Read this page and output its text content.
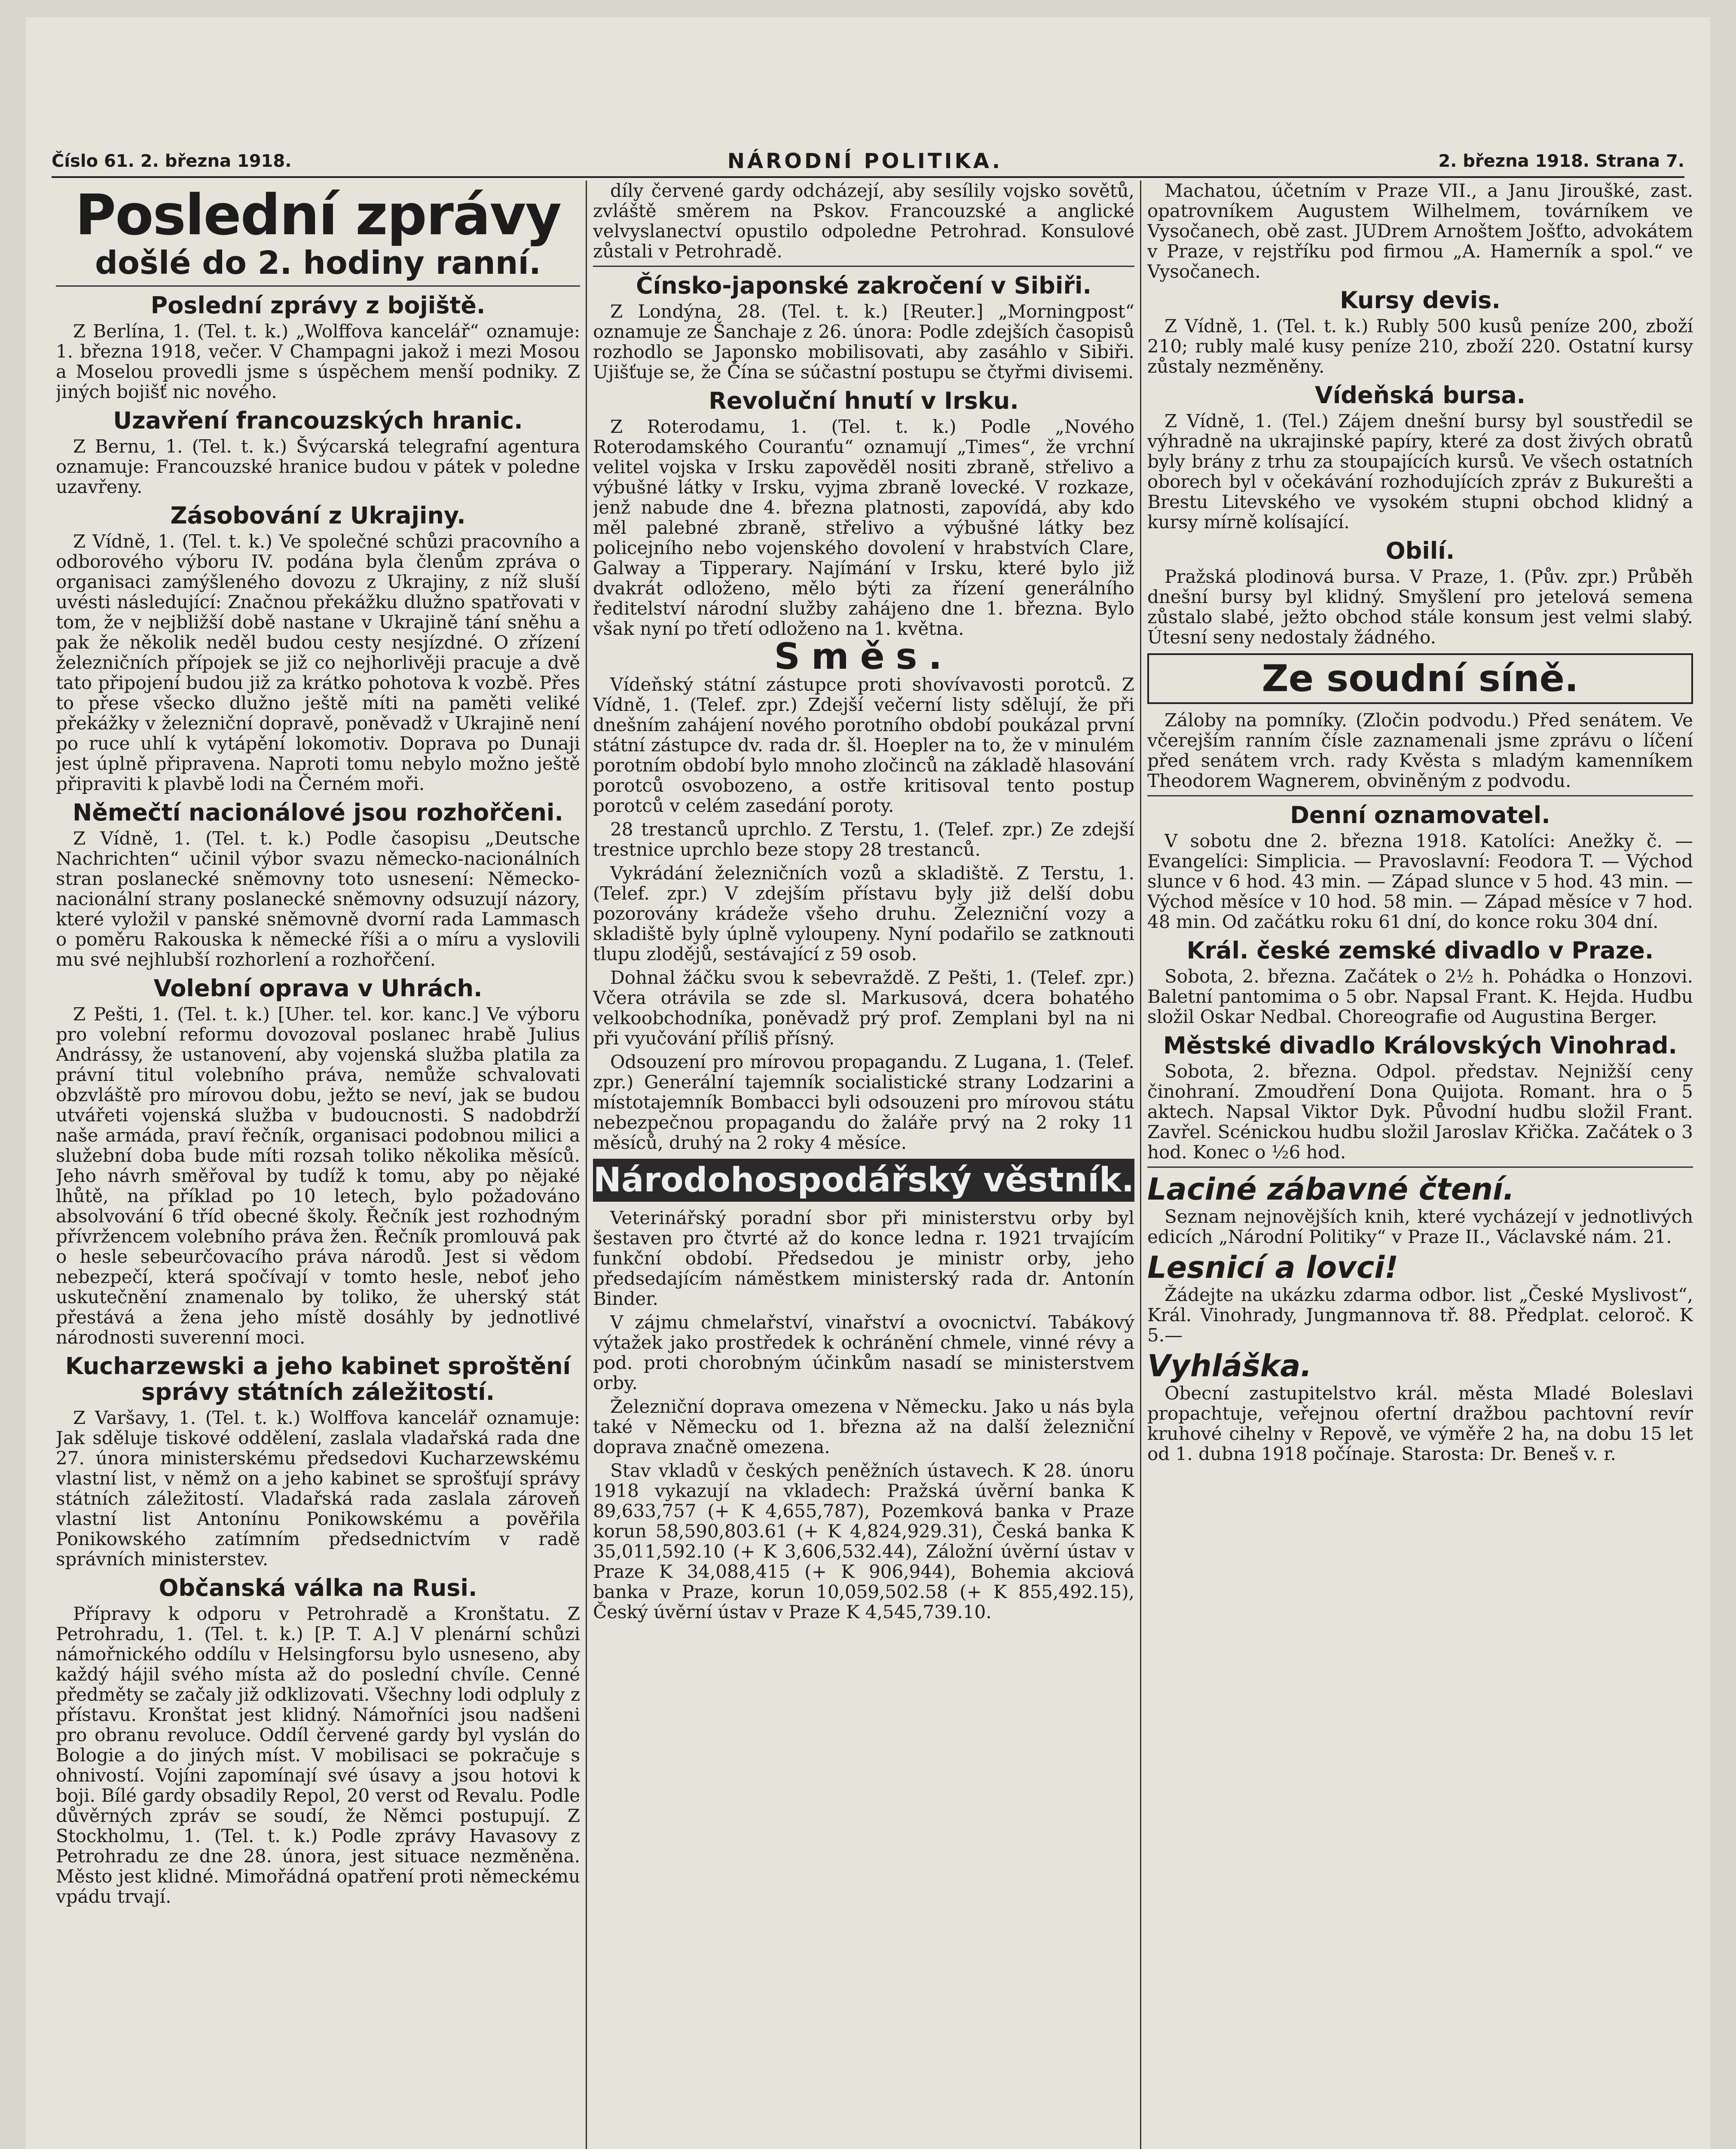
Číslo 61. 2. března 1918.	NÁRODNÍ POLITIKA.	2. března 1918. Strana 7.
Poslední zprávy
došlé do 2. hodiny ranní.
Poslední zprávy z bojiště.

Z Berlína, 1. (Tel. t. k.) „Wolffova kancelář“ oznamuje: 1. března 1918, večer. V Champagni jakož i mezi Mosou a Moselou provedli jsme s úspěchem menší podniky. Z jiných bojišť nic nového.

Uzavření francouzských hranic.

Z Bernu, 1. (Tel. t. k.) Švýcarská telegrafní agentura oznamuje: Francouzské hranice budou v pátek v poledne uzavřeny.

Zásobování z Ukrajiny.

Z Vídně, 1. (Tel. t. k.) Ve společné schůzi pracovního a odborového výboru IV. podána byla členům zpráva o organisaci zamýšleného dovozu z Ukrajiny, z níž sluší uvésti následující: Značnou překážku dlužno spatřovati v tom, že v nejbližší době nastane v Ukrajině tání sněhu a pak že několik neděl budou cesty nesjízdné. O zřízení železničních přípojek se již co nejhorlivěji pracuje a dvě tato připojení budou již za krátko pohotova k vozbě. Přes to přese všecko dlužno ještě míti na paměti veliké překážky v železniční dopravě, poněvadž v Ukrajině není po ruce uhlí k vytápění lokomotiv. Doprava po Dunaji jest úplně připravena. Naproti tomu nebylo možno ještě připraviti k plavbě lodi na Černém moři.

Němečtí nacionálové jsou rozhořčeni.

Z Vídně, 1. (Tel. t. k.) Podle časopisu „Deutsche Nachrichten“ učinil výbor svazu německo-nacionálních stran poslanecké sněmovny toto usnesení: Německo-nacionální strany poslanecké sněmovny odsuzují názory, které vyložil v panské sněmovně dvorní rada Lammasch o poměru Rakouska k německé říši a o míru a vyslovili mu své nejhlubší rozhorlení a rozhořčení.

Volební oprava v Uhrách.

Z Pešti, 1. (Tel. t. k.) [Uher. tel. kor. kanc.] Ve výboru pro volební reformu dovozoval poslanec hrabě Julius Andrássy, že ustanovení, aby vojenská služba platila za právní titul volebního práva, nemůže schvalovati obzvláště pro mírovou dobu, ježto se neví, jak se budou utvářeti vojenská služba v budoucnosti. S nadobdrží naše armáda, praví řečník, organisaci podobnou milici a služební doba bude míti rozsah toliko několika měsíců. Jeho návrh směřoval by tudíž k tomu, aby po nějaké lhůtě, na příklad po 10 letech, bylo požadováno absolvování 6 tříd obecné školy. Řečník jest rozhodným přívržencem volebního práva žen. Řečník promlouvá pak o hesle sebeurčovacího práva národů. Jest si vědom nebezpečí, která spočívají v tomto hesle, neboť jeho uskutečnění znamenalo by toliko, že uherský stát přestává a žena jeho místě dosáhly by jednotlivé národnosti suverenní moci.

Kucharzewski a jeho kabinet sproštění správy státních záležitostí.

Z Varšavy, 1. (Tel. t. k.) Wolffova kancelář oznamuje: Jak sděluje tiskové oddělení, zaslala vladařská rada dne 27. února ministerskému předsedovi Kucharzewskému vlastní list, v němž on a jeho kabinet se sprošťují správy státních záležitostí. Vladařská rada zaslala zároveň vlastní list Antonínu Ponikowskému a pověřila Ponikowského zatímním předsednictvím v radě správních ministerstev.

Občanská válka na Rusi.

Přípravy k odporu v Petrohradě a Kronštatu. Z Petrohradu, 1. (Tel. t. k.) [P. T. A.] V plenární schůzi námořnického oddílu v Helsingforsu bylo usneseno, aby každý hájil svého místa až do poslední chvíle. Cenné předměty se začaly již odklizovati. Všechny lodi odpluly z přístavu. Kronštat jest klidný. Námořníci jsou nadšeni pro obranu revoluce. Oddíl červené gardy byl vyslán do Bologie a do jiných míst. V mobilisaci se pokračuje s ohnivostí. Vojíni zapomínají své úsavy a jsou hotovi k boji. Bílé gardy obsadily Repol, 20 verst od Revalu. Podle důvěrných zpráv se soudí, že Němci postupují. Z Stockholmu, 1. (Tel. t. k.) Podle zprávy Havasovy z Petrohradu ze dne 28. února, jest situace nezměněna. Město jest klidné. Mimořádná opatření proti německému vpádu trvají.

díly červené gardy odcházejí, aby sesílily vojsko sovětů, zvláště směrem na Pskov. Francouzské a anglické velvyslanectví opustilo odpoledne Petrohrad. Konsulové zůstali v Petrohradě.

Čínsko-japonské zakročení v Sibiři.

Z Londýna, 28. (Tel. t. k.) [Reuter.] „Morningpost“ oznamuje ze Šanchaje z 26. února: Podle zdejších časopisů rozhodlo se Japonsko mobilisovati, aby zasáhlo v Sibiři. Ujišťuje se, že Čína se súčastní postupu se čtyřmi divisemi.

Revoluční hnutí v Irsku.

Z Roterodamu, 1. (Tel. t. k.) Podle „Nového Roterodamského Couranťu“ oznamují „Times“, že vrchní velitel vojska v Irsku zapověděl nositi zbraně, střelivo a výbušné látky v Irsku, vyjma zbraně lovecké. V rozkaze, jenž nabude dne 4. března platnosti, zapovídá, aby kdo měl palebné zbraně, střelivo a výbušné látky bez policejního nebo vojenského dovolení v hrabstvích Clare, Galway a Tipperary. Najímání v Irsku, které bylo již dvakrát odloženo, mělo býti za řízení generálního ředitelství národní služby zahájeno dne 1. března. Bylo však nyní po třetí odloženo na 1. května.

Směs.

Vídeňský státní zástupce proti shovívavosti porotců. Z Vídně, 1. (Telef. zpr.) Zdejší večerní listy sdělují, že při dnešním zahájení nového porotního období poukázal první státní zástupce dv. rada dr. šl. Hoepler na to, že v minulém porotním období bylo mnoho zločinců na základě hlasování porotců osvobozeno, a ostře kritisoval tento postup porotců v celém zasedání poroty.

28 trestanců uprchlo. Z Terstu, 1. (Telef. zpr.) Ze zdejší trestnice uprchlo beze stopy 28 trestanců.

Vykrádání železničních vozů a skladiště. Z Terstu, 1. (Telef. zpr.) V zdejším přístavu byly již delší dobu pozorovány krádeže všeho druhu. Železniční vozy a skladiště byly úplně vyloupeny. Nyní podařilo se zatknouti tlupu zlodějů, sestávající z 59 osob.

Dohnal žáčku svou k sebevraždě. Z Pešti, 1. (Telef. zpr.) Včera otrávila se zde sl. Markusová, dcera bohatého velkoobchodníka, poněvadž prý prof. Zemplani byl na ni při vyučování příliš přísný.

Odsouzení pro mírovou propagandu. Z Lugana, 1. (Telef. zpr.) Generální tajemník socialistické strany Lodzarini a místotajemník Bombacci byli odsouzeni pro mírovou státu nebezpečnou propagandu do žaláře prvý na 2 roky 11 měsíců, druhý na 2 roky 4 měsíce.

Národohospodářský věstník.

Veterinářský poradní sbor při ministerstvu orby byl šestaven pro čtvrté až do konce ledna r. 1921 trvajícím funkční období. Předsedou je ministr orby, jeho předsedajícím náměstkem ministerský rada dr. Antonín Binder.

V zájmu chmelařství, vinařství a ovocnictví. Tabákový výtažek jako prostředek k ochránění chmele, vinné révy a pod. proti chorobným účinkům nasadí se ministerstvem orby.

Železniční doprava omezena v Německu. Jako u nás byla také v Německu od 1. března až na další železniční doprava značně omezena.

Stav vkladů v českých peněžních ústavech. K 28. únoru 1918 vykazují na vkladech: Pražská úvěrní banka K 89,633,757 (+ K 4,655,787), Pozemková banka v Praze korun 58,590,803.61 (+ K 4,824,929.31), Česká banka K 35,011,592.10 (+ K 3,606,532.44), Záložní úvěrní ústav v Praze K 34,088,415 (+ K 906,944), Bohemia akciová banka v Praze, korun 10,059,502.58 (+ K 855,492.15), Český úvěrní ústav v Praze K 4,545,739.10.

Machatou, účetním v Praze VII., a Janu Jiroušké, zast. opatrovníkem Augustem Wilhelmem, továrníkem ve Vysočanech, obě zast. JUDrem Arnoštem Jošťto, advokátem v Praze, v rejstříku pod firmou „A. Hamerník a spol.“ ve Vysočanech.

Kursy devis.

Z Vídně, 1. (Tel. t. k.) Rubly 500 kusů peníze 200, zboží 210; rubly malé kusy peníze 210, zboží 220. Ostatní kursy zůstaly nezměněny.

Vídeňská bursa.

Z Vídně, 1. (Tel.) Zájem dnešní bursy byl soustředil se výhradně na ukrajinské papíry, které za dost živých obratů byly brány z trhu za stoupajících kursů. Ve všech ostatních oborech byl v očekávání rozhodujících zpráv z Bukurešti a Brestu Litevského ve vysokém stupni obchod klidný a kursy mírně kolísající.

Obilí.

Pražská plodinová bursa. V Praze, 1. (Pův. zpr.) Průběh dnešní bursy byl klidný. Smyšlení pro jetelová semena zůstalo slabé, ježto obchod stále konsum jest velmi slabý. Útesní seny nedostaly žádného.

Ze soudní síně.

Záloby na pomníky. (Zločin podvodu.) Před senátem. Ve včerejším ranním čísle zaznamenali jsme zprávu o líčení před senátem vrch. rady Kvěsta s mladým kamenníkem Theodorem Wagnerem, obviněným z podvodu.

Denní oznamovatel.

V sobotu dne 2. března 1918. Katolíci: Anežky č. — Evangelíci: Simplicia. — Pravoslavní: Feodora T. — Východ slunce v 6 hod. 43 min. — Západ slunce v 5 hod. 43 min. — Východ měsíce v 10 hod. 58 min. — Západ měsíce v 7 hod. 48 min. Od začátku roku 61 dní, do konce roku 304 dní.

Král. české zemské divadlo v Praze.

Sobota, 2. března. Začátek o 2½ h. Pohádka o Honzovi. Baletní pantomima o 5 obr. Napsal Frant. K. Hejda. Hudbu složil Oskar Nedbal. Choreografie od Augustina Berger.

Městské divadlo Královských Vinohrad.

Sobota, 2. března. Odpol. představ. Nejnižší ceny činohraní. Zmoudření Dona Quijota. Romant. hra o 5 aktech. Napsal Viktor Dyk. Původní hudbu složil Frant. Zavřel. Scénickou hudbu složil Jaroslav Křička. Začátek o 3 hod. Konec o ½6 hod.

Laciné zábavné čtení.

Seznam nejnovějších knih, které vycházejí v jednotlivých edicích „Národní Politiky“ v Praze II., Václavské nám. 21.

Lesnicí a lovci!

Žádejte na ukázku zdarma odbor. list „České Myslivost“, Král. Vinohrady, Jungmannova tř. 88. Předplat. celoroč. K 5.—

Vyhláška.

Obecní zastupitelstvo král. města Mladé Boleslavi propachtuje, veřejnou ofertní dražbou pachtovní revír kruhové cihelny v Repově, ve výměře 2 ha, na dobu 15 let od 1. dubna 1918 počínaje. Starosta: Dr. Beneš v. r.
